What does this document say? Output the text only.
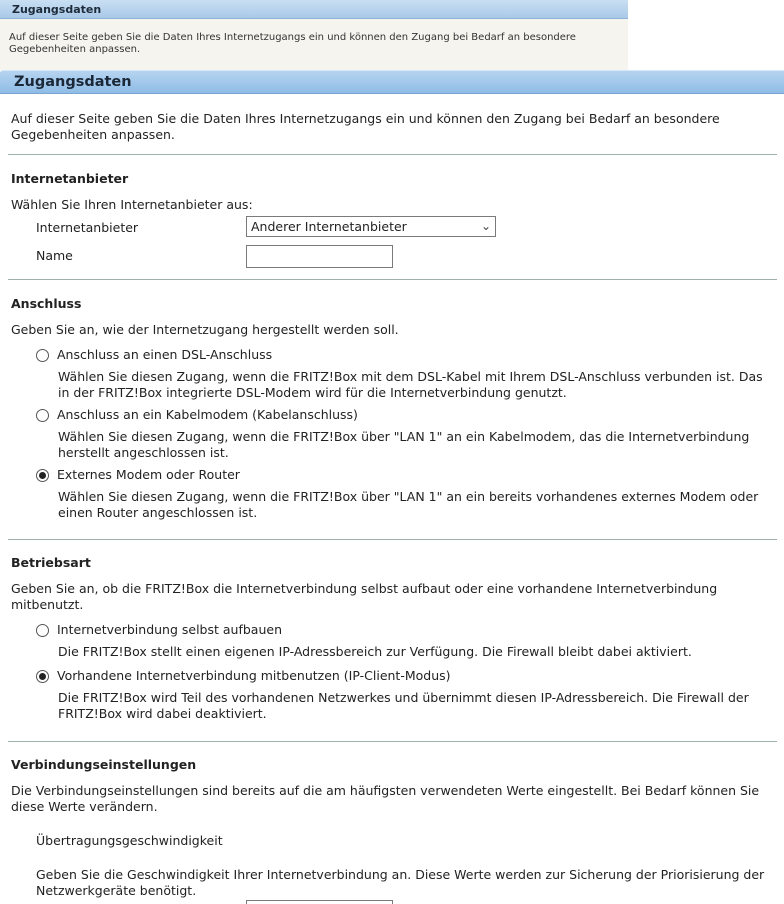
Zugangsdaten
Auf dieser Seite geben Sie die Daten Ihres Internetzugangs ein und können den Zugang bei Bedarf an besondere Gegebenheiten anpassen.
Zugangsdaten

Auf dieser Seite geben Sie die Daten Ihres Internetzugangs ein und können den Zugang bei Bedarf an besondere Gegebenheiten anpassen.

Internetanbieter

Wählen Sie Ihren Internetanbieter aus:

Internetanbieter	Anderer Internetanbieter	⌄
Name
Anschluss

Geben Sie an, wie der Internetzugang hergestellt werden soll.

Anschluss an einen DSL-Anschluss

Wählen Sie diesen Zugang, wenn die FRITZ!Box mit dem DSL-Kabel mit Ihrem DSL-Anschluss verbunden ist. Das in der FRITZ!Box integrierte DSL-Modem wird für die Internetverbindung genutzt.

Anschluss an ein Kabelmodem (Kabelanschluss)

Wählen Sie diesen Zugang, wenn die FRITZ!Box über "LAN 1" an ein Kabelmodem, das die Internetverbindung herstellt angeschlossen ist.

Externes Modem oder Router

Wählen Sie diesen Zugang, wenn die FRITZ!Box über "LAN 1" an ein bereits vorhandenes externes Modem oder einen Router angeschlossen ist.

Betriebsart

Geben Sie an, ob die FRITZ!Box die Internetverbindung selbst aufbaut oder eine vorhandene Internetverbindung mitbenutzt.

Internetverbindung selbst aufbauen

Die FRITZ!Box stellt einen eigenen IP-Adressbereich zur Verfügung. Die Firewall bleibt dabei aktiviert.

Vorhandene Internetverbindung mitbenutzen (IP-Client-Modus)

Die FRITZ!Box wird Teil des vorhandenen Netzwerkes und übernimmt diesen IP-Adressbereich. Die Firewall der FRITZ!Box wird dabei deaktiviert.

Verbindungseinstellungen

Die Verbindungseinstellungen sind bereits auf die am häufigsten verwendeten Werte eingestellt. Bei Bedarf können Sie diese Werte verändern.

Übertragungsgeschwindigkeit

Geben Sie die Geschwindigkeit Ihrer Internetverbindung an. Diese Werte werden zur Sicherung der Priorisierung der Netzwerkgeräte benötigt.
